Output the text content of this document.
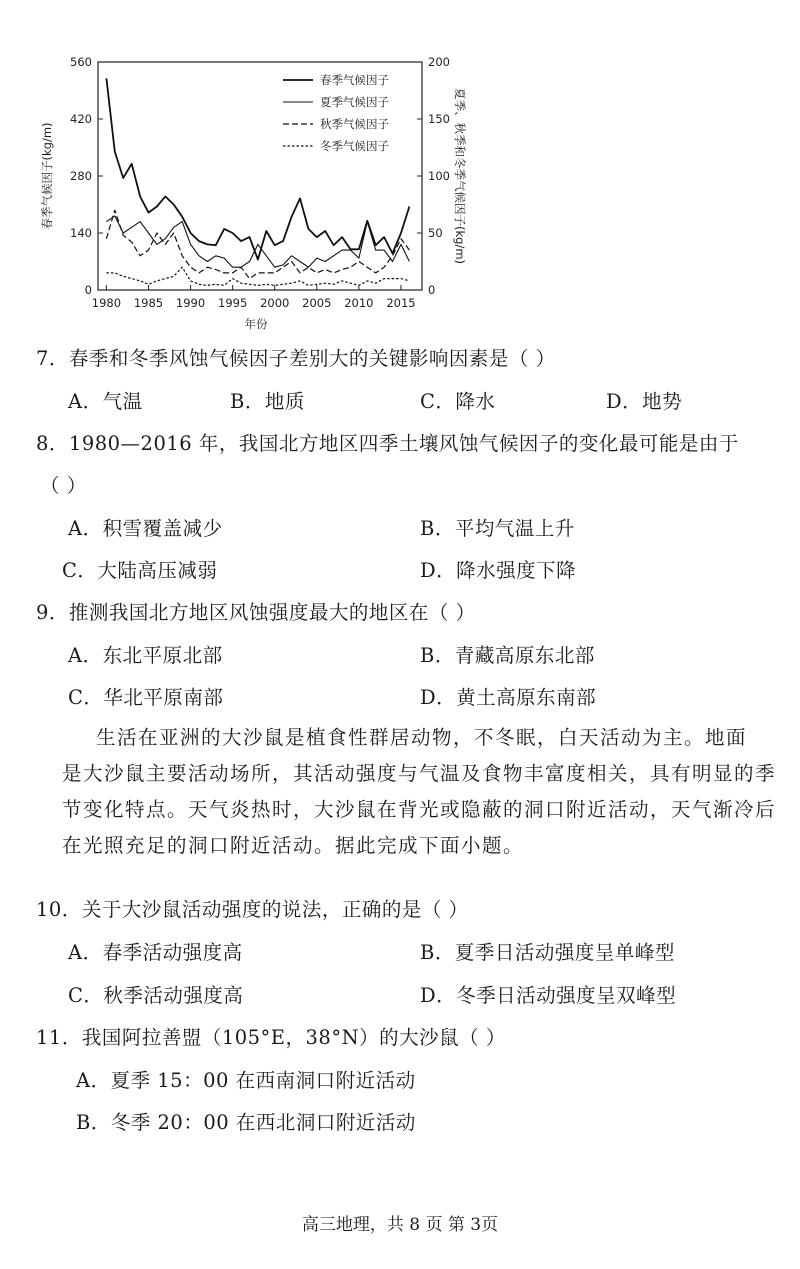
0
140
280
420
560
0
50
100
150
200
1980 1985 1990 1995 2000 2005 2010 2015
年份
春季气候因子(kg/m)	夏季、秋季和冬季气候因子(kg/m)
春季气候因子
夏季气候因子
秋季气候因子
冬季气候因子
7．春季和冬季风蚀气候因子差别大的关键影响因素是（ ）
A．气温	B．地质	C．降水	D．地势
8．1980—2016 年，我国北方地区四季土壤风蚀气候因子的变化最可能是由于
（ ）
A．积雪覆盖减少	B．平均气温上升
C．大陆高压减弱	D．降水强度下降
9．推测我国北方地区风蚀强度最大的地区在（ ）
A．东北平原北部	B．青藏高原东北部
C．华北平原南部	D．黄土高原东南部
生活在亚洲的大沙鼠是植食性群居动物，不冬眠，白天活动为主。地面
是大沙鼠主要活动场所，其活动强度与气温及食物丰富度相关，具有明显的季
节变化特点。天气炎热时，大沙鼠在背光或隐蔽的洞口附近活动，天气渐冷后
在光照充足的洞口附近活动。据此完成下面小题。
10．关于大沙鼠活动强度的说法，正确的是（ ）
A．春季活动强度高	B．夏季日活动强度呈单峰型
C．秋季活动强度高	D．冬季日活动强度呈双峰型
11．我国阿拉善盟（105°E，38°N）的大沙鼠（ ）
A．夏季 15：00 在西南洞口附近活动
B．冬季 20：00 在西北洞口附近活动
高三地理，共 8 页 第 3页
